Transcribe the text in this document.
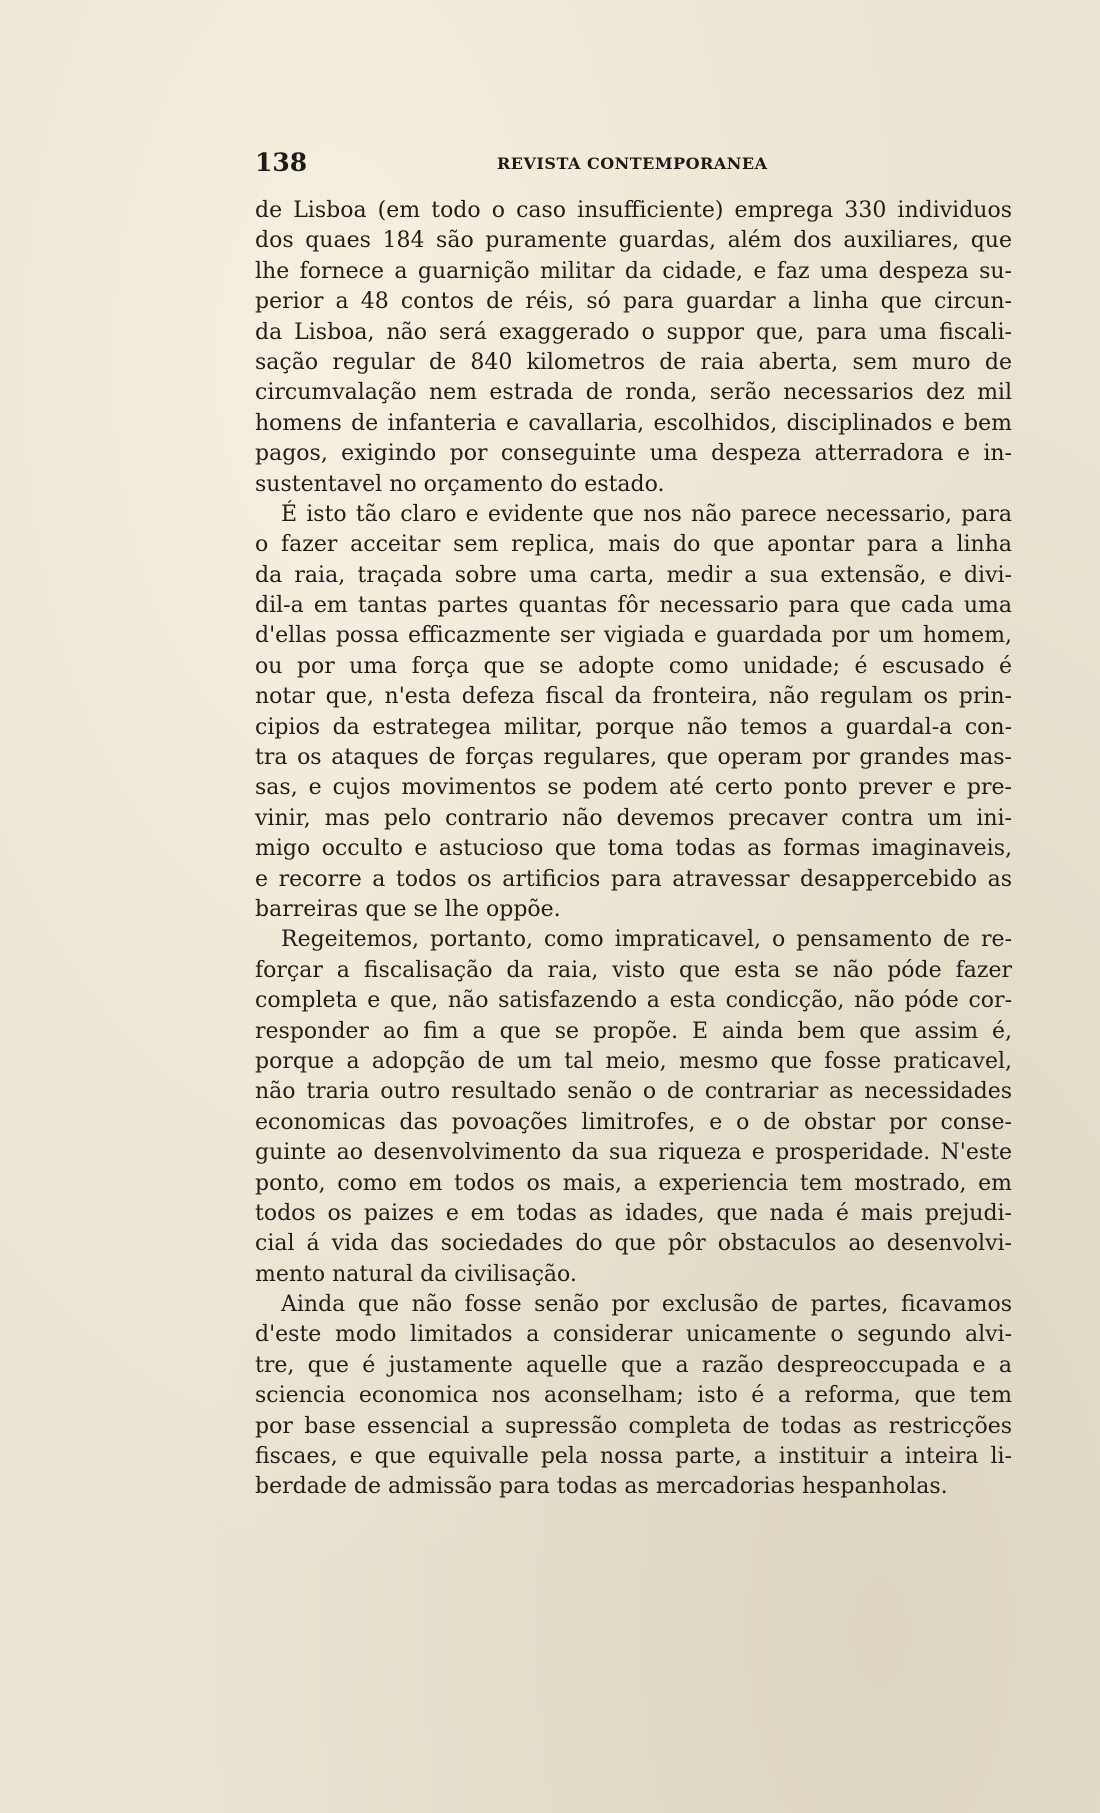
138	REVISTA CONTEMPORANEA
de Lisboa (em todo o caso insufficiente) emprega 330 individuos
dos quaes 184 são puramente guardas, além dos auxiliares, que
lhe fornece a guarnição militar da cidade, e faz uma despeza su-
perior a 48 contos de réis, só para guardar a linha que circun-
da Lisboa, não será exaggerado o suppor que, para uma fiscali-
sação regular de 840 kilometros de raia aberta, sem muro de
circumvalação nem estrada de ronda, serão necessarios dez mil
homens de infanteria e cavallaria, escolhidos, disciplinados e bem
pagos, exigindo por conseguinte uma despeza atterradora e in-
sustentavel no orçamento do estado.
É isto tão claro e evidente que nos não parece necessario, para
o fazer acceitar sem replica, mais do que apontar para a linha
da raia, traçada sobre uma carta, medir a sua extensão, e divi-
dil-a em tantas partes quantas fôr necessario para que cada uma
d'ellas possa efficazmente ser vigiada e guardada por um homem,
ou por uma força que se adopte como unidade; é escusado é
notar que, n'esta defeza fiscal da fronteira, não regulam os prin-
cipios da estrategea militar, porque não temos a guardal-a con-
tra os ataques de forças regulares, que operam por grandes mas-
sas, e cujos movimentos se podem até certo ponto prever e pre-
vinir, mas pelo contrario não devemos precaver contra um ini-
migo occulto e astucioso que toma todas as formas imaginaveis,
e recorre a todos os artificios para atravessar desappercebido as
barreiras que se lhe oppõe.
Regeitemos, portanto, como impraticavel, o pensamento de re-
forçar a fiscalisação da raia, visto que esta se não póde fazer
completa e que, não satisfazendo a esta condicção, não póde cor-
responder ao fim a que se propõe. E ainda bem que assim é,
porque a adopção de um tal meio, mesmo que fosse praticavel,
não traria outro resultado senão o de contrariar as necessidades
economicas das povoações limitrofes, e o de obstar por conse-
guinte ao desenvolvimento da sua riqueza e prosperidade. N'este
ponto, como em todos os mais, a experiencia tem mostrado, em
todos os paizes e em todas as idades, que nada é mais prejudi-
cial á vida das sociedades do que pôr obstaculos ao desenvolvi-
mento natural da civilisação.
Ainda que não fosse senão por exclusão de partes, ficavamos
d'este modo limitados a considerar unicamente o segundo alvi-
tre, que é justamente aquelle que a razão despreoccupada e a
sciencia economica nos aconselham; isto é a reforma, que tem
por base essencial a supressão completa de todas as restricções
fiscaes, e que equivalle pela nossa parte, a instituir a inteira li-
berdade de admissão para todas as mercadorias hespanholas.
